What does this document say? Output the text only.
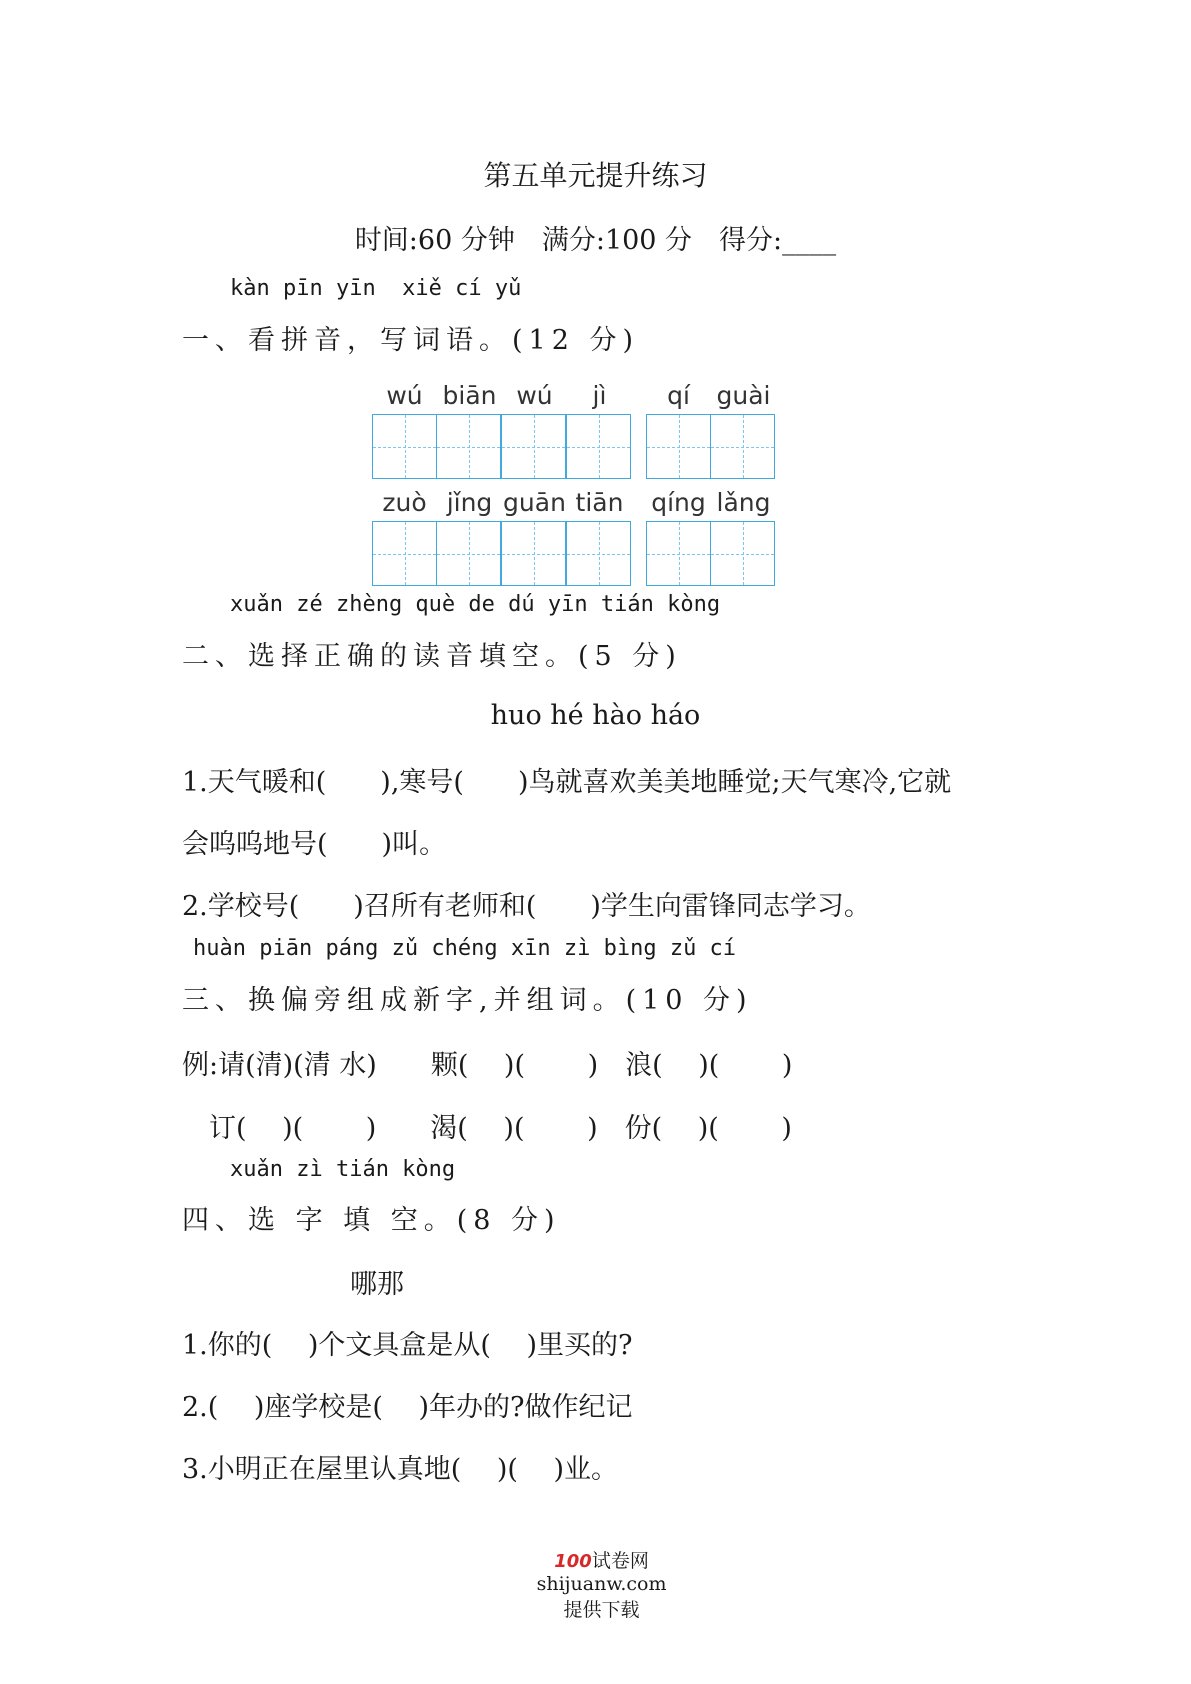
第五单元提升练习
时间:60 分钟　满分:100 分　得分:____
kàn pīn yīn  xiě cí yǔ
一、看拼音，写词语。(12 分)
wú biān wú jì qí guài
zuò jǐng guān tiān qíng lǎng
xuǎn zé zhèng què de dú yīn tián kòng
二、选择正确的读音填空。(5 分)
huo hé hào háo
1.天气暖和(　　),寒号(　　)鸟就喜欢美美地睡觉;天气寒冷,它就
会呜呜地号(　　)叫。
2.学校号(　　)召所有老师和(　　)学生向雷锋同志学习。
huàn piān páng zǔ chéng xīn zì bìng zǔ cí
三、换偏旁组成新字,并组词。(10 分)
例:请(清)(清 水)　　颗(　 )(　　 )　浪(　 )(　　 )
　订(　 )(　　 )　　渴(　 )(　　 )　份(　 )(　　 )
xuǎn zì tián kòng
四、选 字 填 空。(8 分)
哪那
1.你的(　 )个文具盒是从(　 )里买的?
2.(　 )座学校是(　 )年办的?做作纪记
3.小明正在屋里认真地(　 )(　 )业。

100试卷网
shijuanw.com
提供下载
